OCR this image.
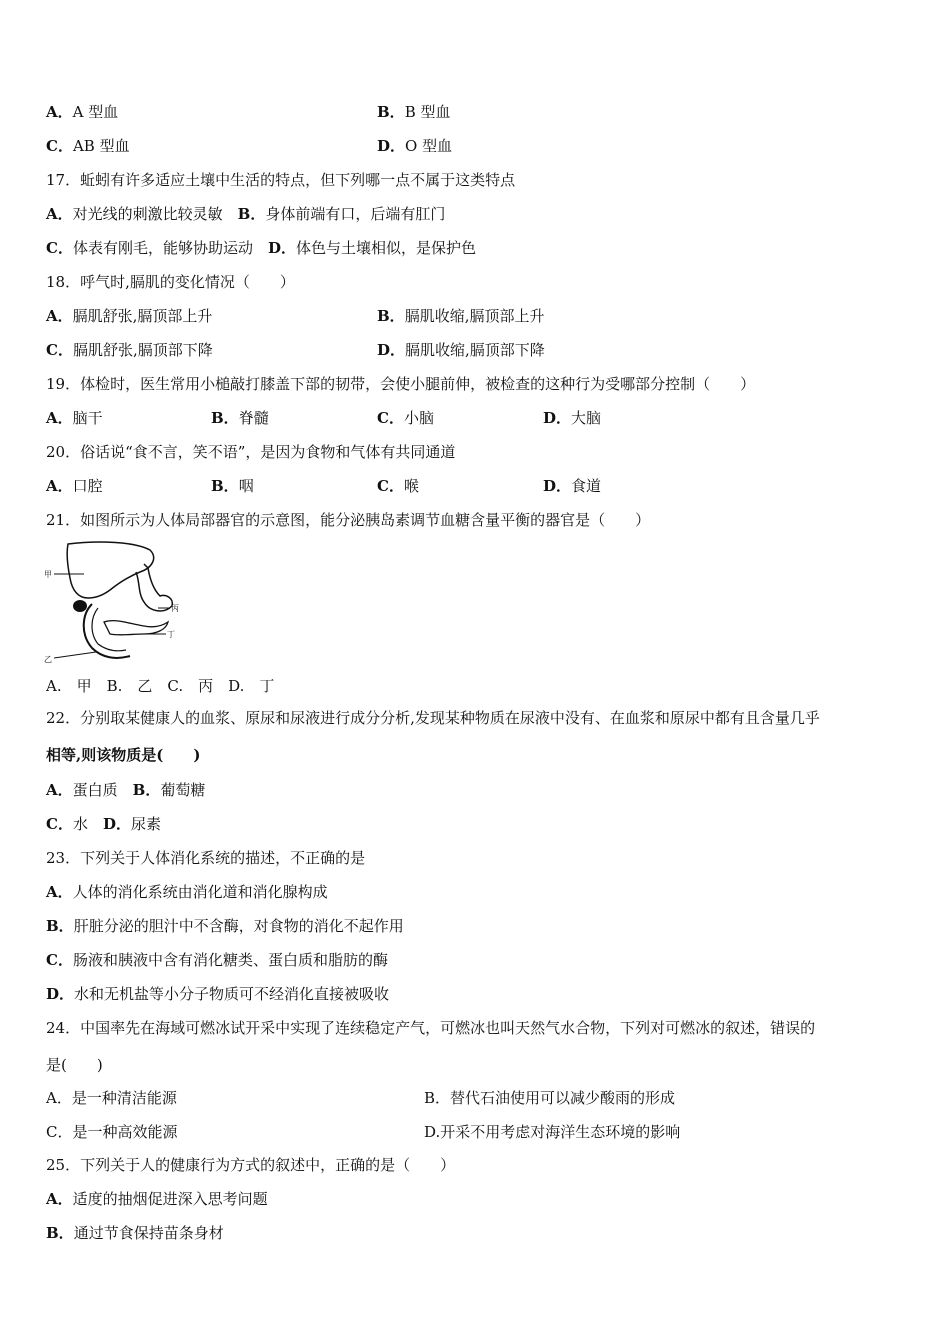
A．A 型血	B．B 型血
C．AB 型血	D．O 型血
17．蚯蚓有许多适应土壤中生活的特点，但下列哪一点不属于这类特点
A．对光线的刺激比较灵敏　 B．身体前端有口，后端有肛门
C．体表有刚毛，能够协助运动　 D．体色与土壤相似，是保护色
18．呼气时,膈肌的变化情况（　　）
A．膈肌舒张,膈顶部上升	B．膈肌收缩,膈顶部上升
C．膈肌舒张,膈顶部下降	D．膈肌收缩,膈顶部下降
19．体检时，医生常用小槌敲打膝盖下部的韧带，会使小腿前伸，被检查的这种行为受哪部分控制（　　）
A．脑干	B．脊髓	C．小脑	D．大脑
20．俗话说“食不言，笑不语”，是因为食物和气体有共同通道
A．口腔	B．咽	C．喉	D．食道
21．如图所示为人体局部器官的示意图，能分泌胰岛素调节血糖含量平衡的器官是（　　）
甲
乙
丙
丁
A.　甲　B.　乙　C.　丙　D.　丁
22．分别取某健康人的血浆、原尿和尿液进行成分分析,发现某种物质在尿液中没有、在血浆和原尿中都有且含量几乎
相等,则该物质是(　　)
A．蛋白质　 B．葡萄糖
C．水　 D．尿素
23．下列关于人体消化系统的描述，不正确的是
A．人体的消化系统由消化道和消化腺构成
B．肝脏分泌的胆汁中不含酶，对食物的消化不起作用
C．肠液和胰液中含有消化糖类、蛋白质和脂肪的酶
D．水和无机盐等小分子物质可不经消化直接被吸收
24．中国率先在海域可燃冰试开采中实现了连续稳定产气，可燃冰也叫天然气水合物，下列对可燃冰的叙述，错误的
是(　　)
A．是一种清洁能源	B．替代石油使用可以减少酸雨的形成
C．是一种高效能源	D.开采不用考虑对海洋生态环境的影响
25．下列关于人的健康行为方式的叙述中，正确的是（　　）
A．适度的抽烟促进深入思考问题
B．通过节食保持苗条身材
